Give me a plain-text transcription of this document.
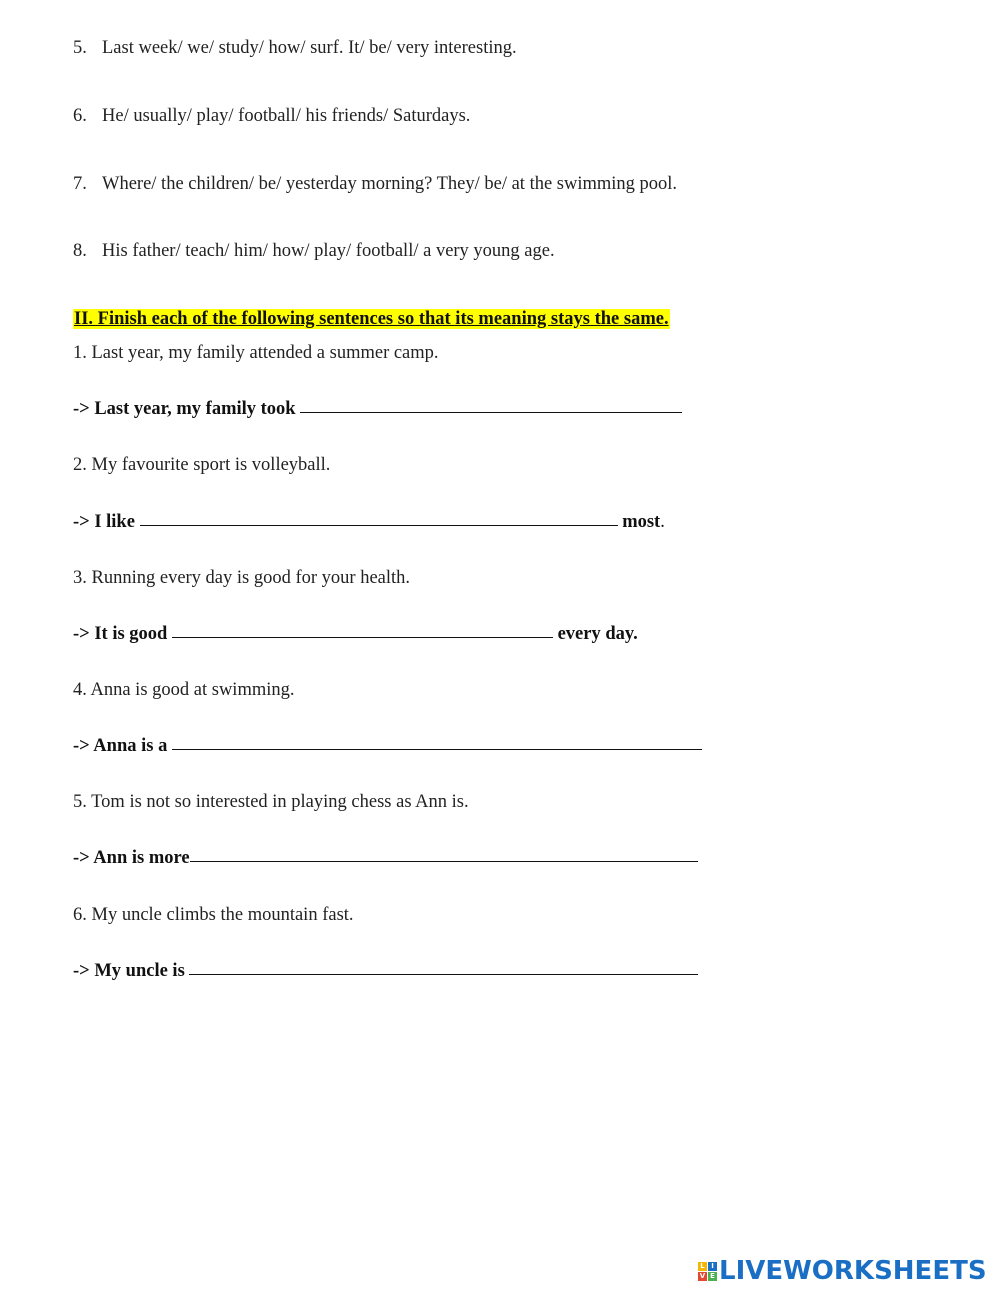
5. Last week/ we/ study/ how/ surf. It/ be/ very interesting.
6. He/ usually/ play/ football/ his friends/ Saturdays.
7. Where/ the children/ be/ yesterday morning? They/ be/ at the swimming pool.
8. His father/ teach/ him/ how/ play/ football/ a very young age.
II. Finish each of the following sentences so that its meaning stays the same.
1. Last year, my family attended a summer camp.
-> Last year, my family took
2. My favourite sport is volleyball.
-> I like	most.
3. Running every day is good for your health.
-> It is good	every day.
4. Anna is good at swimming.
-> Anna is a
5. Tom is not so interested in playing chess as Ann is.
-> Ann is more
6. My uncle climbs the mountain fast.
-> My uncle is
L I
V E LIVEWORKSHEETS
